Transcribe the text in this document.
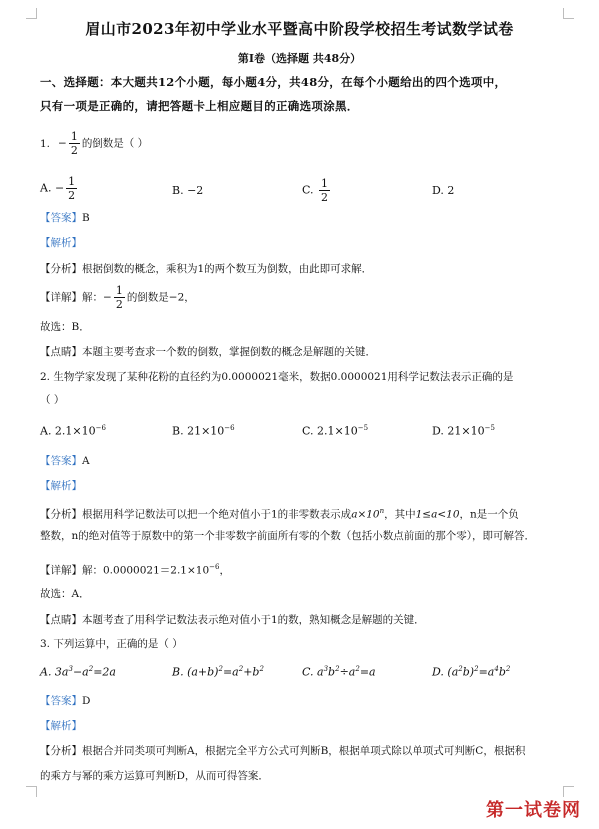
眉山市2023年初中学业水平暨高中阶段学校招生考试数学试卷
第Ⅰ卷（选择题 共48分）
一、选择题：本大题共12个小题，每小题4分，共48分，在每个小题给出的四个选项中，
只有一项是正确的，请把答题卡上相应题目的正确选项涂黑．
1. − $\frac{1}{2}$ 的倒数是（ ）
A. − $\frac{1}{2}$	B. −2	C. $\frac{1}{2}$	D. 2
【答案】B
【解析】
【分析】根据倒数的概念，乘积为1的两个数互为倒数，由此即可求解．
【详解】解：− $\frac{1}{2}$ 的倒数是−2，
故选：B．
【点睛】本题主要考查求一个数的倒数，掌握倒数的概念是解题的关键．
2. 生物学家发现了某种花粉的直径约为0.0000021毫米，数据0.0000021用科学记数法表示正确的是
（ ）
A. $2.1\times 10^{-6}$	B. $21\times 10^{-6}$	C. $2.1\times 10^{-5}$	D. $21\times 10^{-5}$
【答案】A
【解析】
【分析】根据用科学记数法可以把一个绝对值小于1的非零数表示成$a\times 10^n$，其中1≤a<10，n是一个负
整数，n的绝对值等于原数中的第一个非零数字前面所有零的个数（包括小数点前面的那个零），即可解答．
【详解】解：$0.0000021=2.1\times 10^{-6}$，
故选：A．
【点睛】本题考查了用科学记数法表示绝对值小于1的数，熟知概念是解题的关键．
3. 下列运算中，正确的是（ ）
A. $3a^3-a^2=2a$	B. $(a+b)^2=a^2+b^2$	C. $a^3b^2\div a^2=a$	D. $(a^2b)^2=a^4b^2$
【答案】D
【解析】
【分析】根据合并同类项可判断A，根据完全平方公式可判断B，根据单项式除以单项式可判断C，根据积
的乘方与幂的乘方运算可判断D，从而可得答案．
第一试卷网
